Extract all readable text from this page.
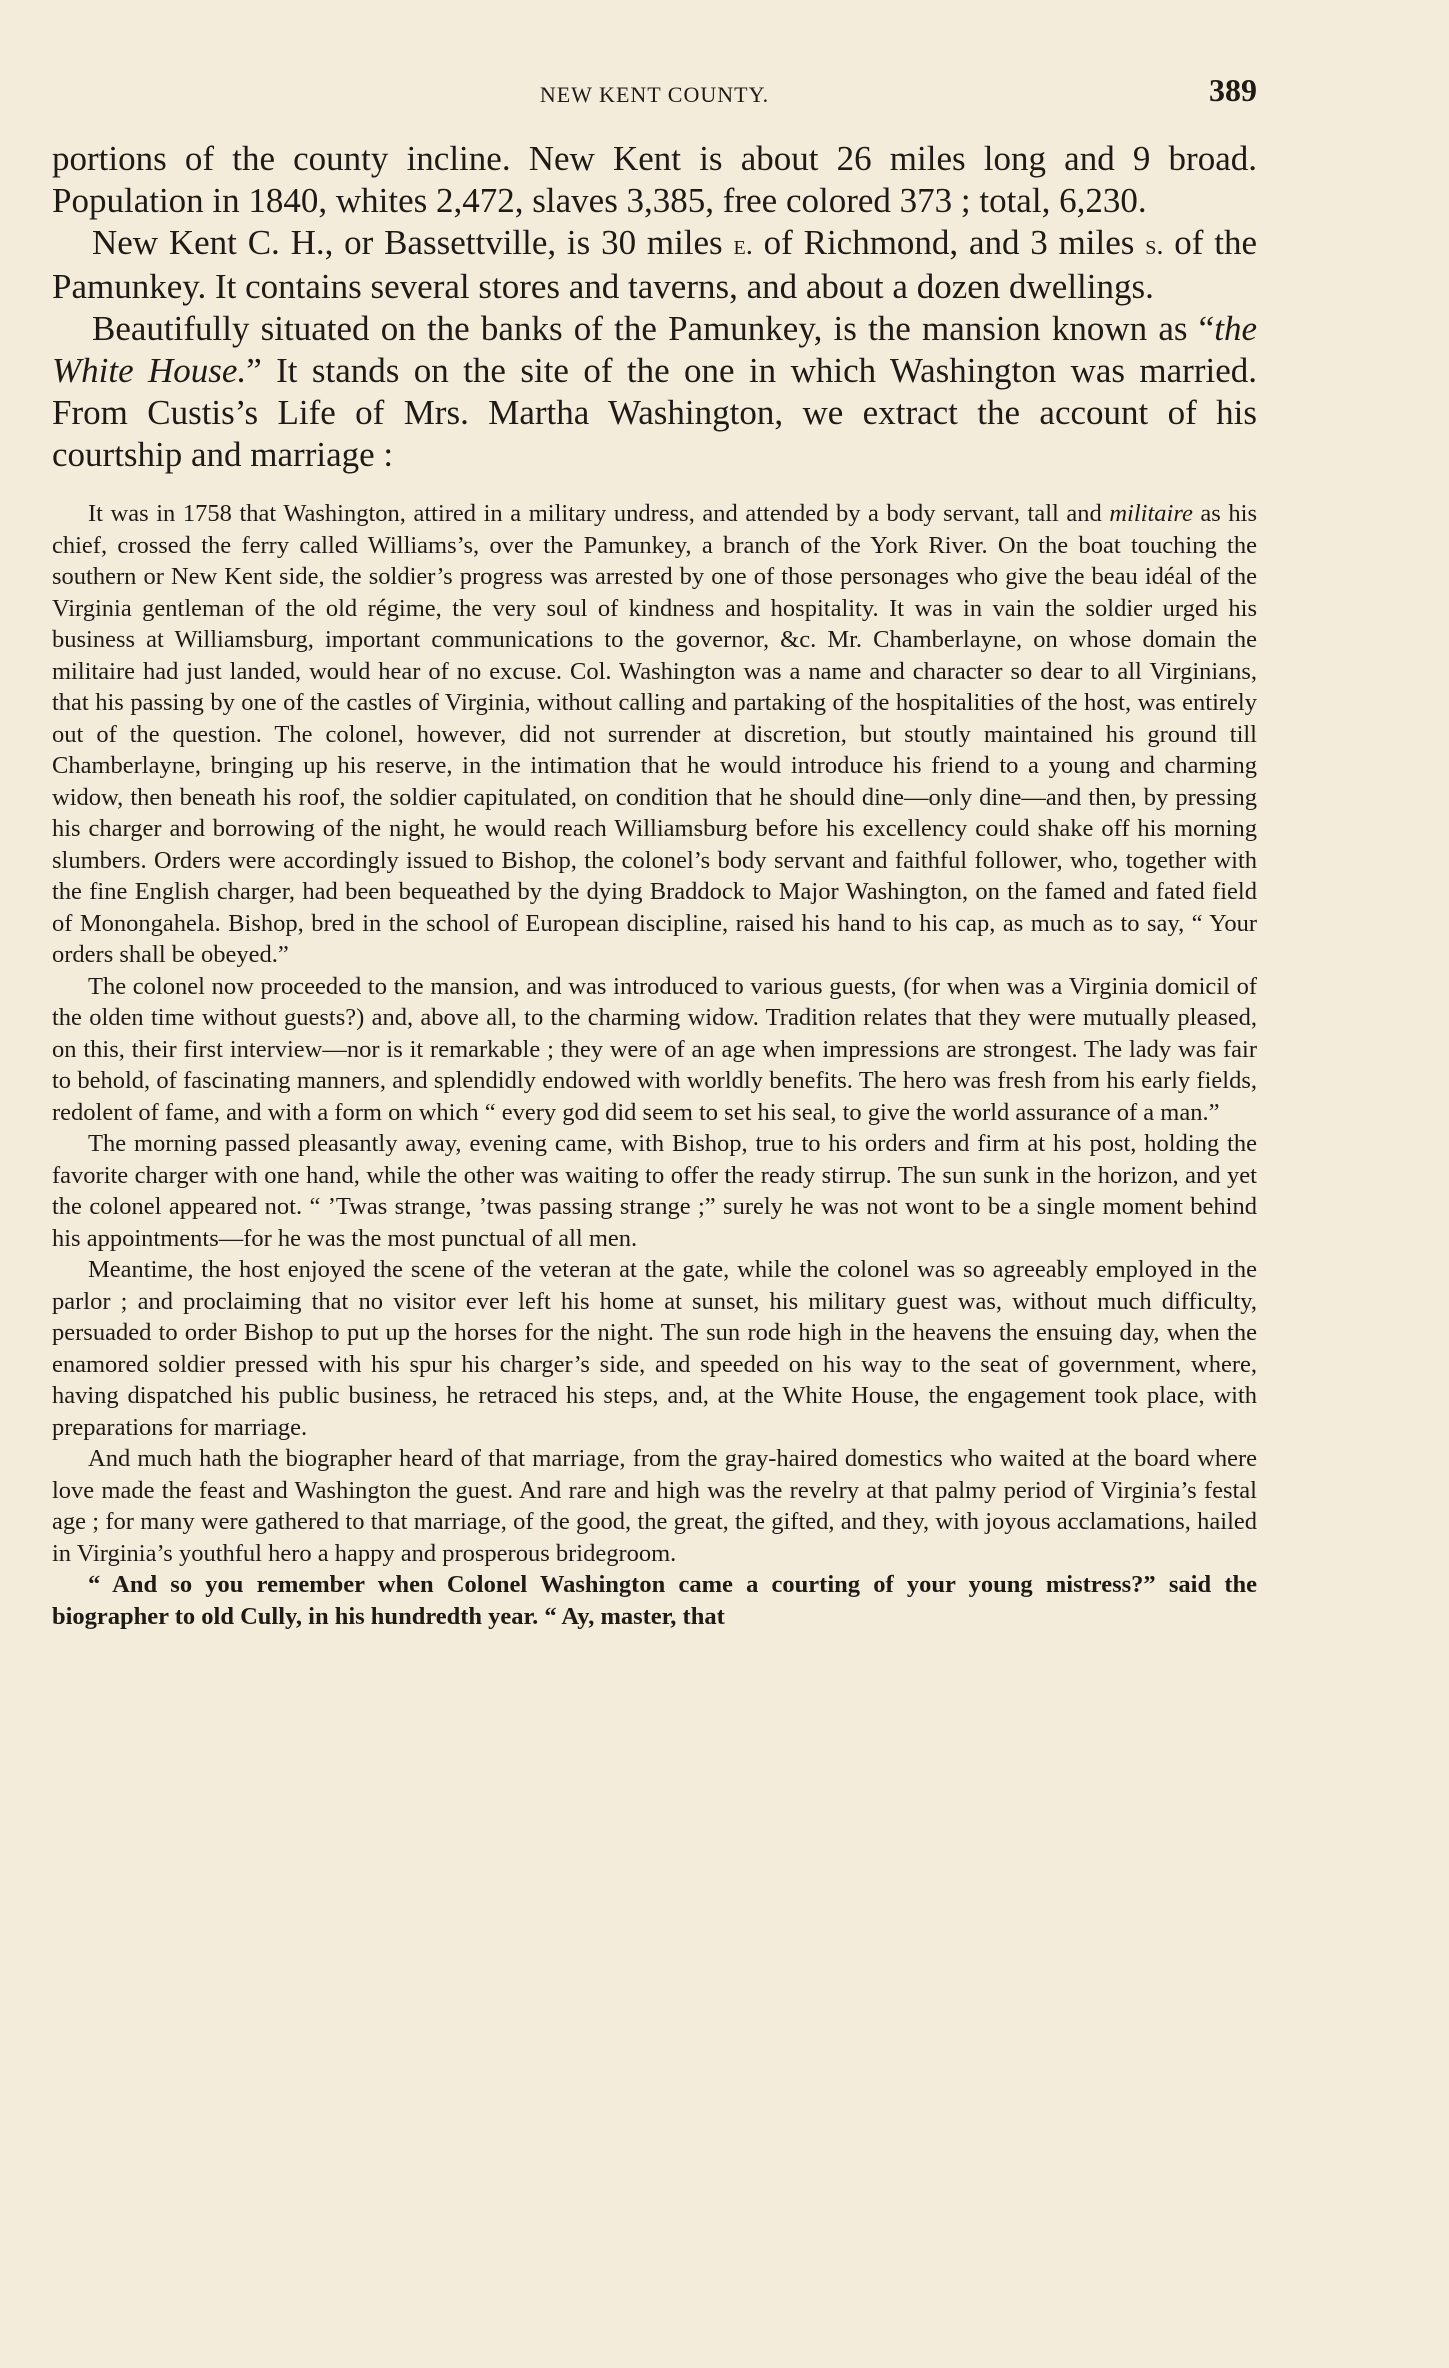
NEW KENT COUNTY.	389

portions of the county incline. New Kent is about 26 miles long and 9 broad. Population in 1840, whites 2,472, slaves 3,385, free colored 373 ; total, 6,230.

New Kent C. H., or Bassettville, is 30 miles e. of Richmond, and 3 miles s. of the Pamunkey. It contains several stores and taverns, and about a dozen dwellings.

Beautifully situated on the banks of the Pamunkey, is the mansion known as “the White House.” It stands on the site of the one in which Washington was married. From Custis’s Life of Mrs. Martha Washington, we extract the account of his courtship and marriage :

It was in 1758 that Washington, attired in a military undress, and attended by a body servant, tall and militaire as his chief, crossed the ferry called Williams’s, over the Pamunkey, a branch of the York River. On the boat touching the southern or New Kent side, the soldier’s progress was arrested by one of those personages who give the beau idéal of the Virginia gentleman of the old régime, the very soul of kindness and hospitality. It was in vain the soldier urged his business at Williamsburg, important communications to the governor, &c. Mr. Chamberlayne, on whose domain the militaire had just landed, would hear of no excuse. Col. Washington was a name and character so dear to all Virginians, that his passing by one of the castles of Virginia, without calling and partaking of the hospitalities of the host, was entirely out of the question. The colonel, however, did not surrender at discretion, but stoutly maintained his ground till Chamberlayne, bringing up his reserve, in the intimation that he would introduce his friend to a young and charming widow, then beneath his roof, the soldier capitulated, on condition that he should dine—only dine—and then, by pressing his charger and borrowing of the night, he would reach Williamsburg before his excellency could shake off his morning slumbers. Orders were accordingly issued to Bishop, the colonel’s body servant and faithful follower, who, together with the fine English charger, had been bequeathed by the dying Braddock to Major Washington, on the famed and fated field of Monongahela. Bishop, bred in the school of European discipline, raised his hand to his cap, as much as to say, “ Your orders shall be obeyed.”

The colonel now proceeded to the mansion, and was introduced to various guests, (for when was a Virginia domicil of the olden time without guests?) and, above all, to the charming widow. Tradition relates that they were mutually pleased, on this, their first interview—nor is it remarkable ; they were of an age when impressions are strongest. The lady was fair to behold, of fascinating manners, and splendidly endowed with worldly benefits. The hero was fresh from his early fields, redolent of fame, and with a form on which “ every god did seem to set his seal, to give the world assurance of a man.”

The morning passed pleasantly away, evening came, with Bishop, true to his orders and firm at his post, holding the favorite charger with one hand, while the other was waiting to offer the ready stirrup. The sun sunk in the horizon, and yet the colonel appeared not. “ ’Twas strange, ’twas passing strange ;” surely he was not wont to be a single moment behind his appointments—for he was the most punctual of all men.

Meantime, the host enjoyed the scene of the veteran at the gate, while the colonel was so agreeably employed in the parlor ; and proclaiming that no visitor ever left his home at sunset, his military guest was, without much difficulty, persuaded to order Bishop to put up the horses for the night. The sun rode high in the heavens the ensuing day, when the enamored soldier pressed with his spur his charger’s side, and speeded on his way to the seat of government, where, having dispatched his public business, he retraced his steps, and, at the White House, the engagement took place, with preparations for marriage.

And much hath the biographer heard of that marriage, from the gray-haired domestics who waited at the board where love made the feast and Washington the guest. And rare and high was the revelry at that palmy period of Virginia’s festal age ; for many were gathered to that marriage, of the good, the great, the gifted, and they, with joyous acclamations, hailed in Virginia’s youthful hero a happy and prosperous bridegroom.

“ And so you remember when Colonel Washington came a courting of your young mistress?” said the biographer to old Cully, in his hundredth year. “ Ay, master, that
